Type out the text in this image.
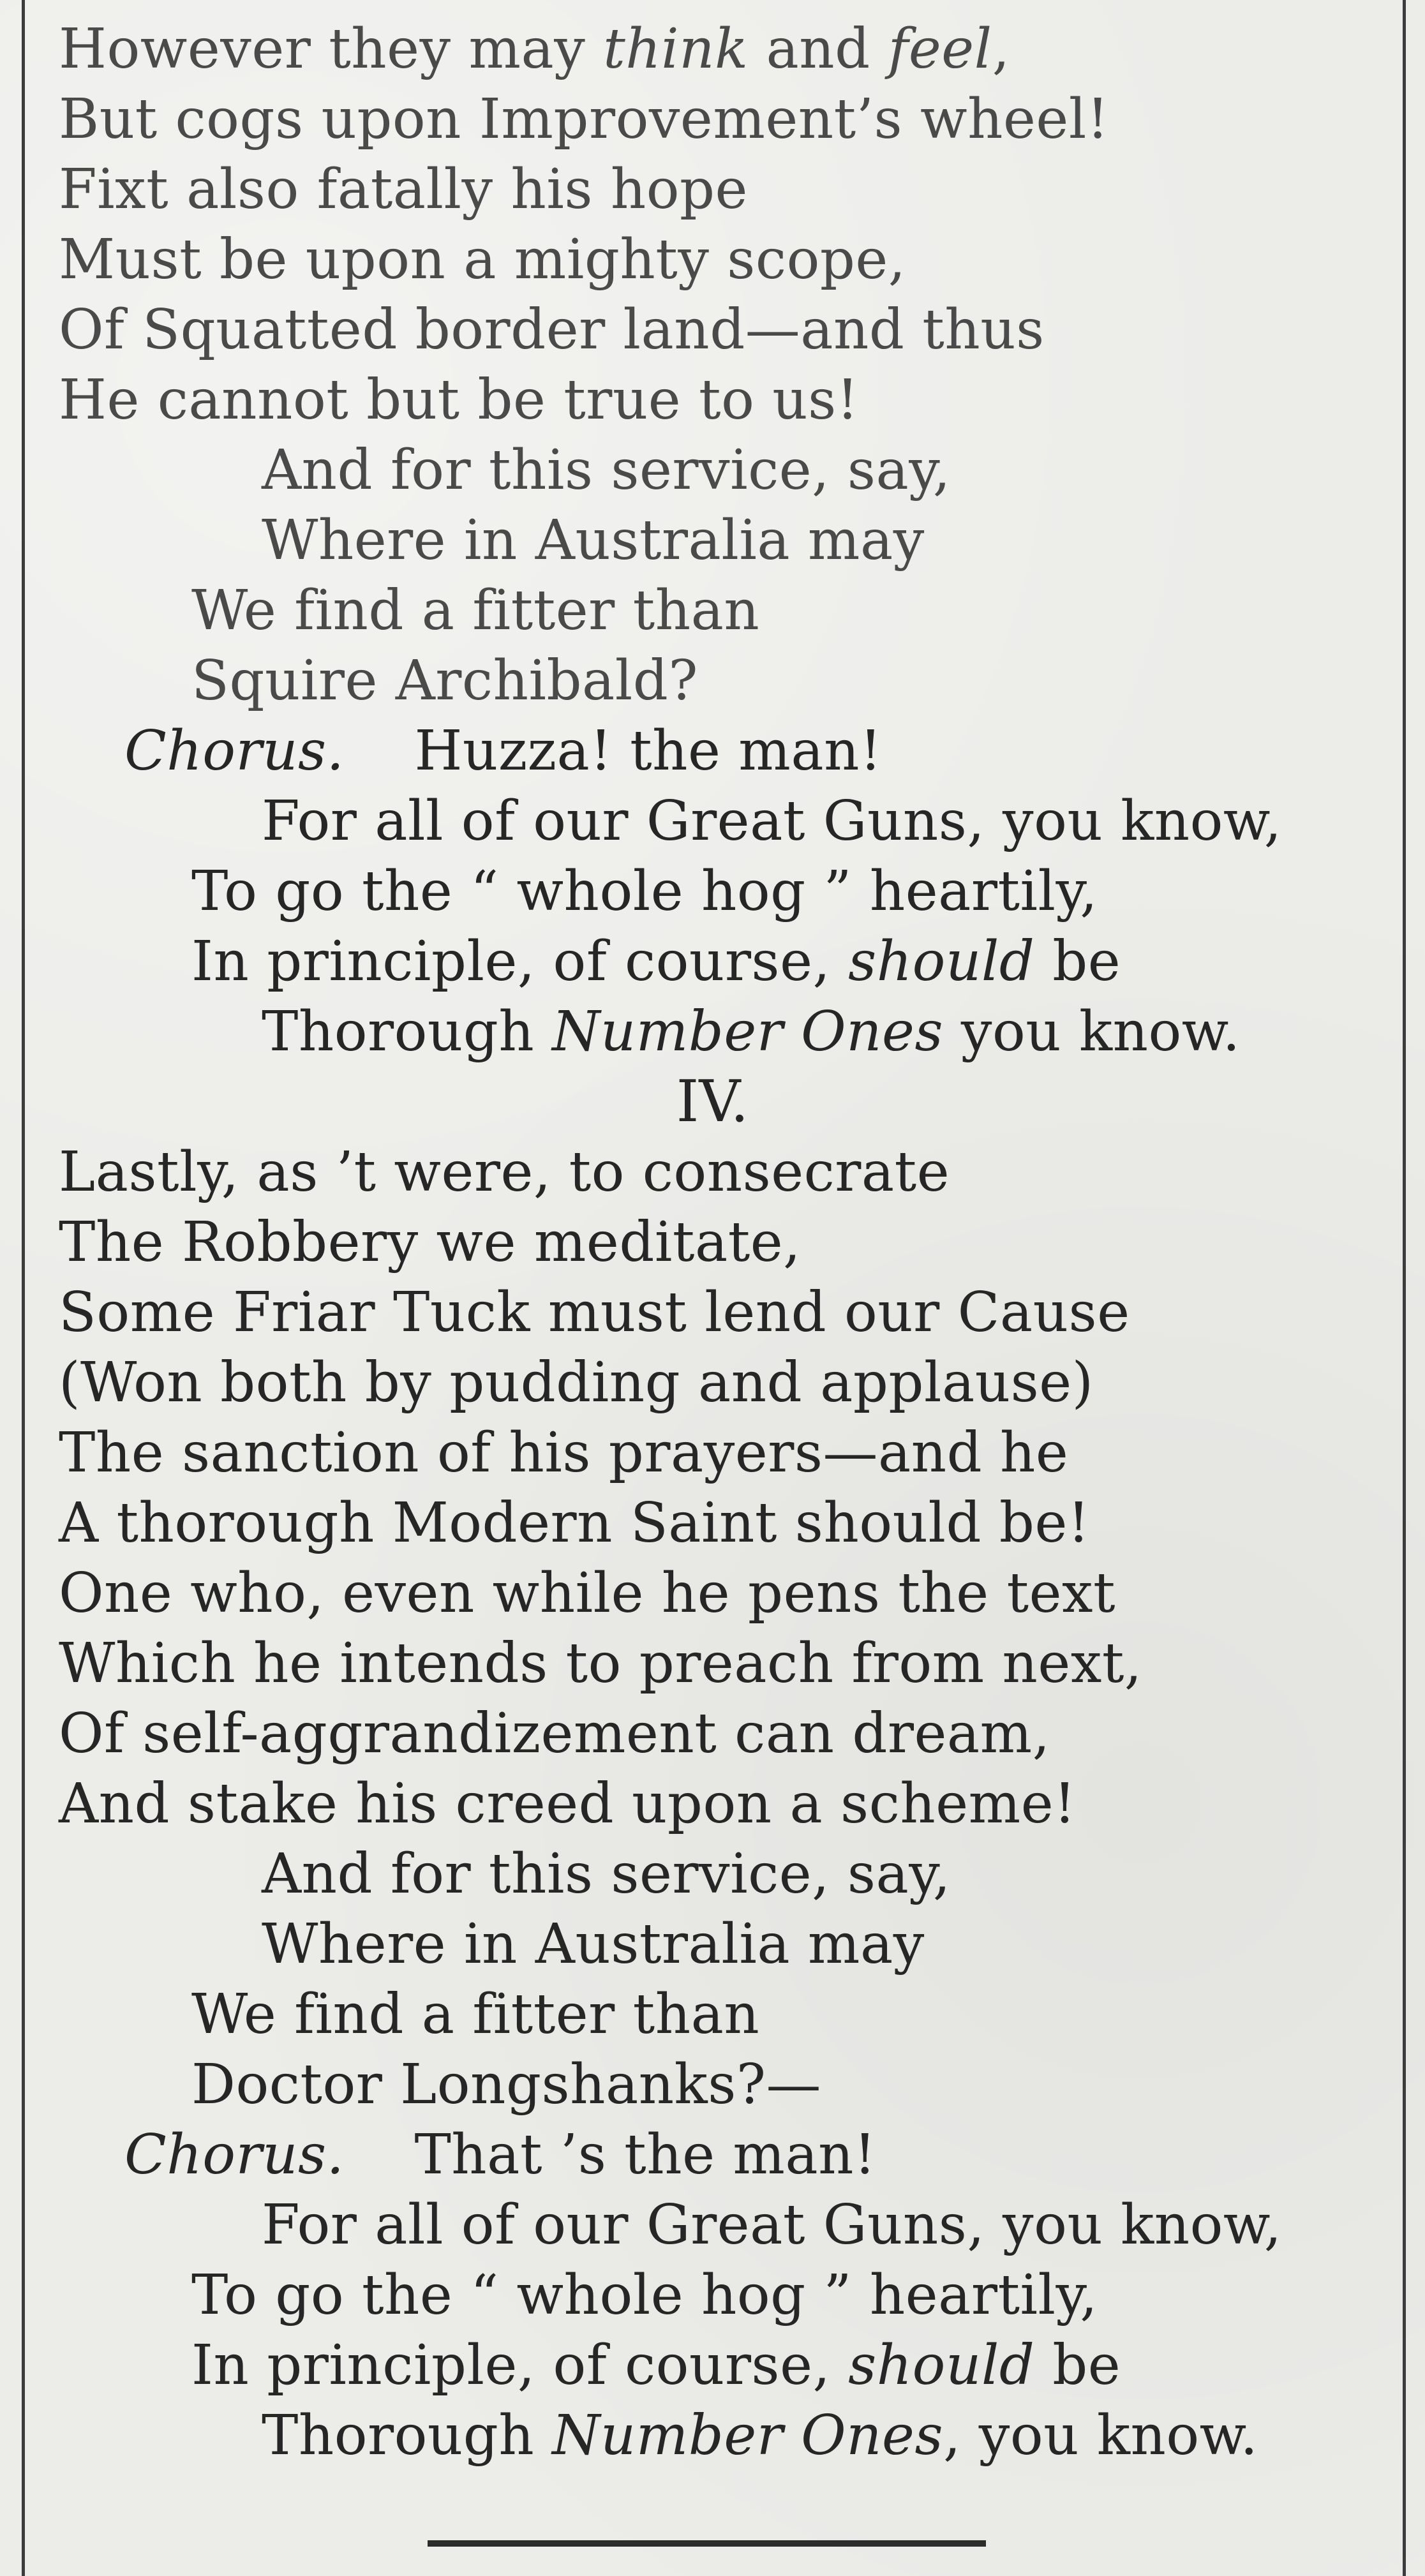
However they may think and feel,
But cogs upon Improvement’s wheel!
Fixt also fatally his hope
Must be upon a mighty scope,
Of Squatted border land—and thus
He cannot but be true to us!
And for this service, say,
Where in Australia may
We find a fitter than
Squire Archibald?
Chorus. Huzza! the man!
For all of our Great Guns, you know,
To go the “ whole hog ” heartily,
In principle, of course, should be
Thorough Number Ones you know.
IV.
Lastly, as ’t were, to consecrate
The Robbery we meditate,
Some Friar Tuck must lend our Cause
(Won both by pudding and applause)
The sanction of his prayers—and he
A thorough Modern Saint should be!
One who, even while he pens the text
Which he intends to preach from next,
Of self-aggrandizement can dream,
And stake his creed upon a scheme!
And for this service, say,
Where in Australia may
We find a fitter than
Doctor Longshanks?—
Chorus. That ’s the man!
For all of our Great Guns, you know,
To go the “ whole hog ” heartily,
In principle, of course, should be
Thorough Number Ones, you know.
